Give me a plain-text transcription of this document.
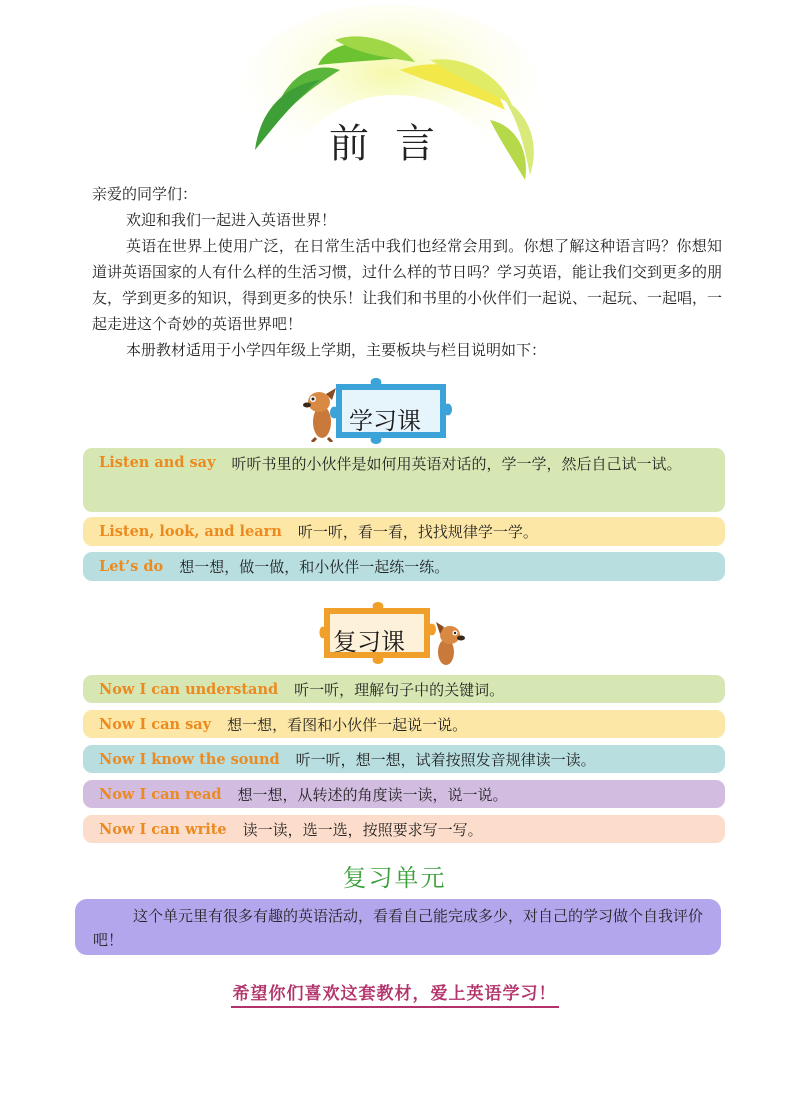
前言
亲爱的同学们：
欢迎和我们一起进入英语世界！
英语在世界上使用广泛，在日常生活中我们也经常会用到。你想了解这种语言吗？你想知道讲英语国家的人有什么样的生活习惯，过什么样的节日吗？学习英语，能让我们交到更多的朋友，学到更多的知识，得到更多的快乐！让我们和书里的小伙伴们一起说、一起玩、一起唱，一起走进这个奇妙的英语世界吧！
本册教材适用于小学四年级上学期，主要板块与栏目说明如下：
学习课
Listen and say 听听书里的小伙伴是如何用英语对话的，学一学，然后自己试一试。
Listen, look, and learn 听一听，看一看，找找规律学一学。
Let’s do 想一想，做一做，和小伙伴一起练一练。
复习课
Now I can understand 听一听，理解句子中的关键词。
Now I can say 想一想，看图和小伙伴一起说一说。
Now I know the sound 听一听，想一想，试着按照发音规律读一读。
Now I can read 想一想，从转述的角度读一读，说一说。
Now I can write 读一读，选一选，按照要求写一写。
复习单元
这个单元里有很多有趣的英语活动，看看自己能完成多少，对自己的学习做个自我评价吧！
希望你们喜欢这套教材，爱上英语学习！
